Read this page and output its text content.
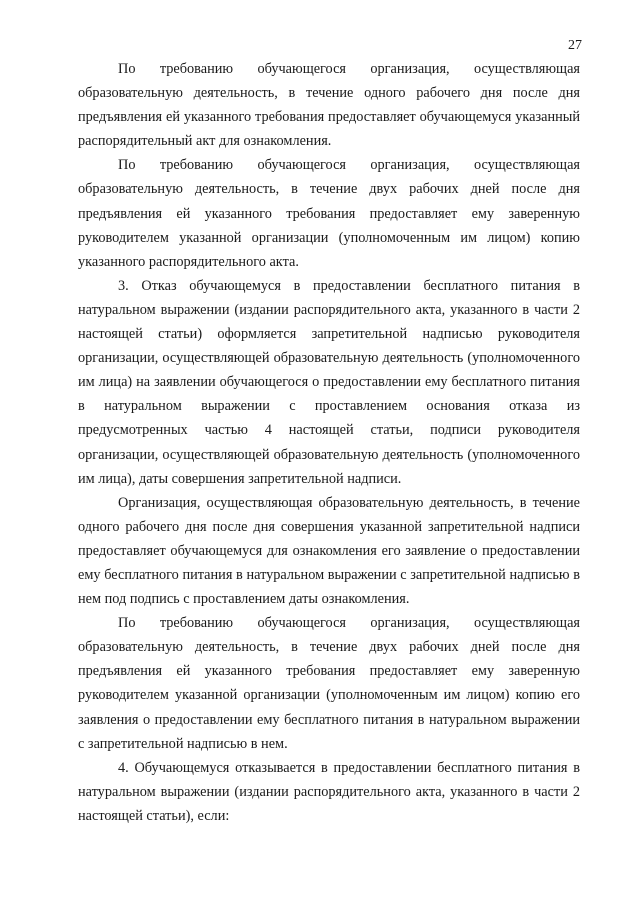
27

По требованию обучающегося организация, осуществляющая образовательную деятельность, в течение одного рабочего дня после дня предъявления ей указанного требования предоставляет обучающемуся указанный распорядительный акт для ознакомления.

По требованию обучающегося организация, осуществляющая образовательную деятельность, в течение двух рабочих дней после дня предъявления ей указанного требования предоставляет ему заверенную руководителем указанной организации (уполномоченным им лицом) копию указанного распорядительного акта.

3. Отказ обучающемуся в предоставлении бесплатного питания в натуральном выражении (издании распорядительного акта, указанного в части 2 настоящей статьи) оформляется запретительной надписью руководителя организации, осуществляющей образовательную деятельность (уполномоченного им лица) на заявлении обучающегося о предоставлении ему бесплатного питания в натуральном выражении с проставлением основания отказа из предусмотренных частью 4 настоящей статьи, подписи руководителя организации, осуществляющей образовательную деятельность (уполномоченного им лица), даты совершения запретительной надписи.

Организация, осуществляющая образовательную деятельность, в течение одного рабочего дня после дня совершения указанной запретительной надписи предоставляет обучающемуся для ознакомления его заявление о предоставлении ему бесплатного питания в натуральном выражении с запретительной надписью в нем под подпись с проставлением даты ознакомления.

По требованию обучающегося организация, осуществляющая образовательную деятельность, в течение двух рабочих дней после дня предъявления ей указанного требования предоставляет ему заверенную руководителем указанной организации (уполномоченным им лицом) копию его заявления о предоставлении ему бесплатного питания в натуральном выражении с запретительной надписью в нем.

4. Обучающемуся отказывается в предоставлении бесплатного питания в натуральном выражении (издании распорядительного акта, указанного в части 2 настоящей статьи), если:
